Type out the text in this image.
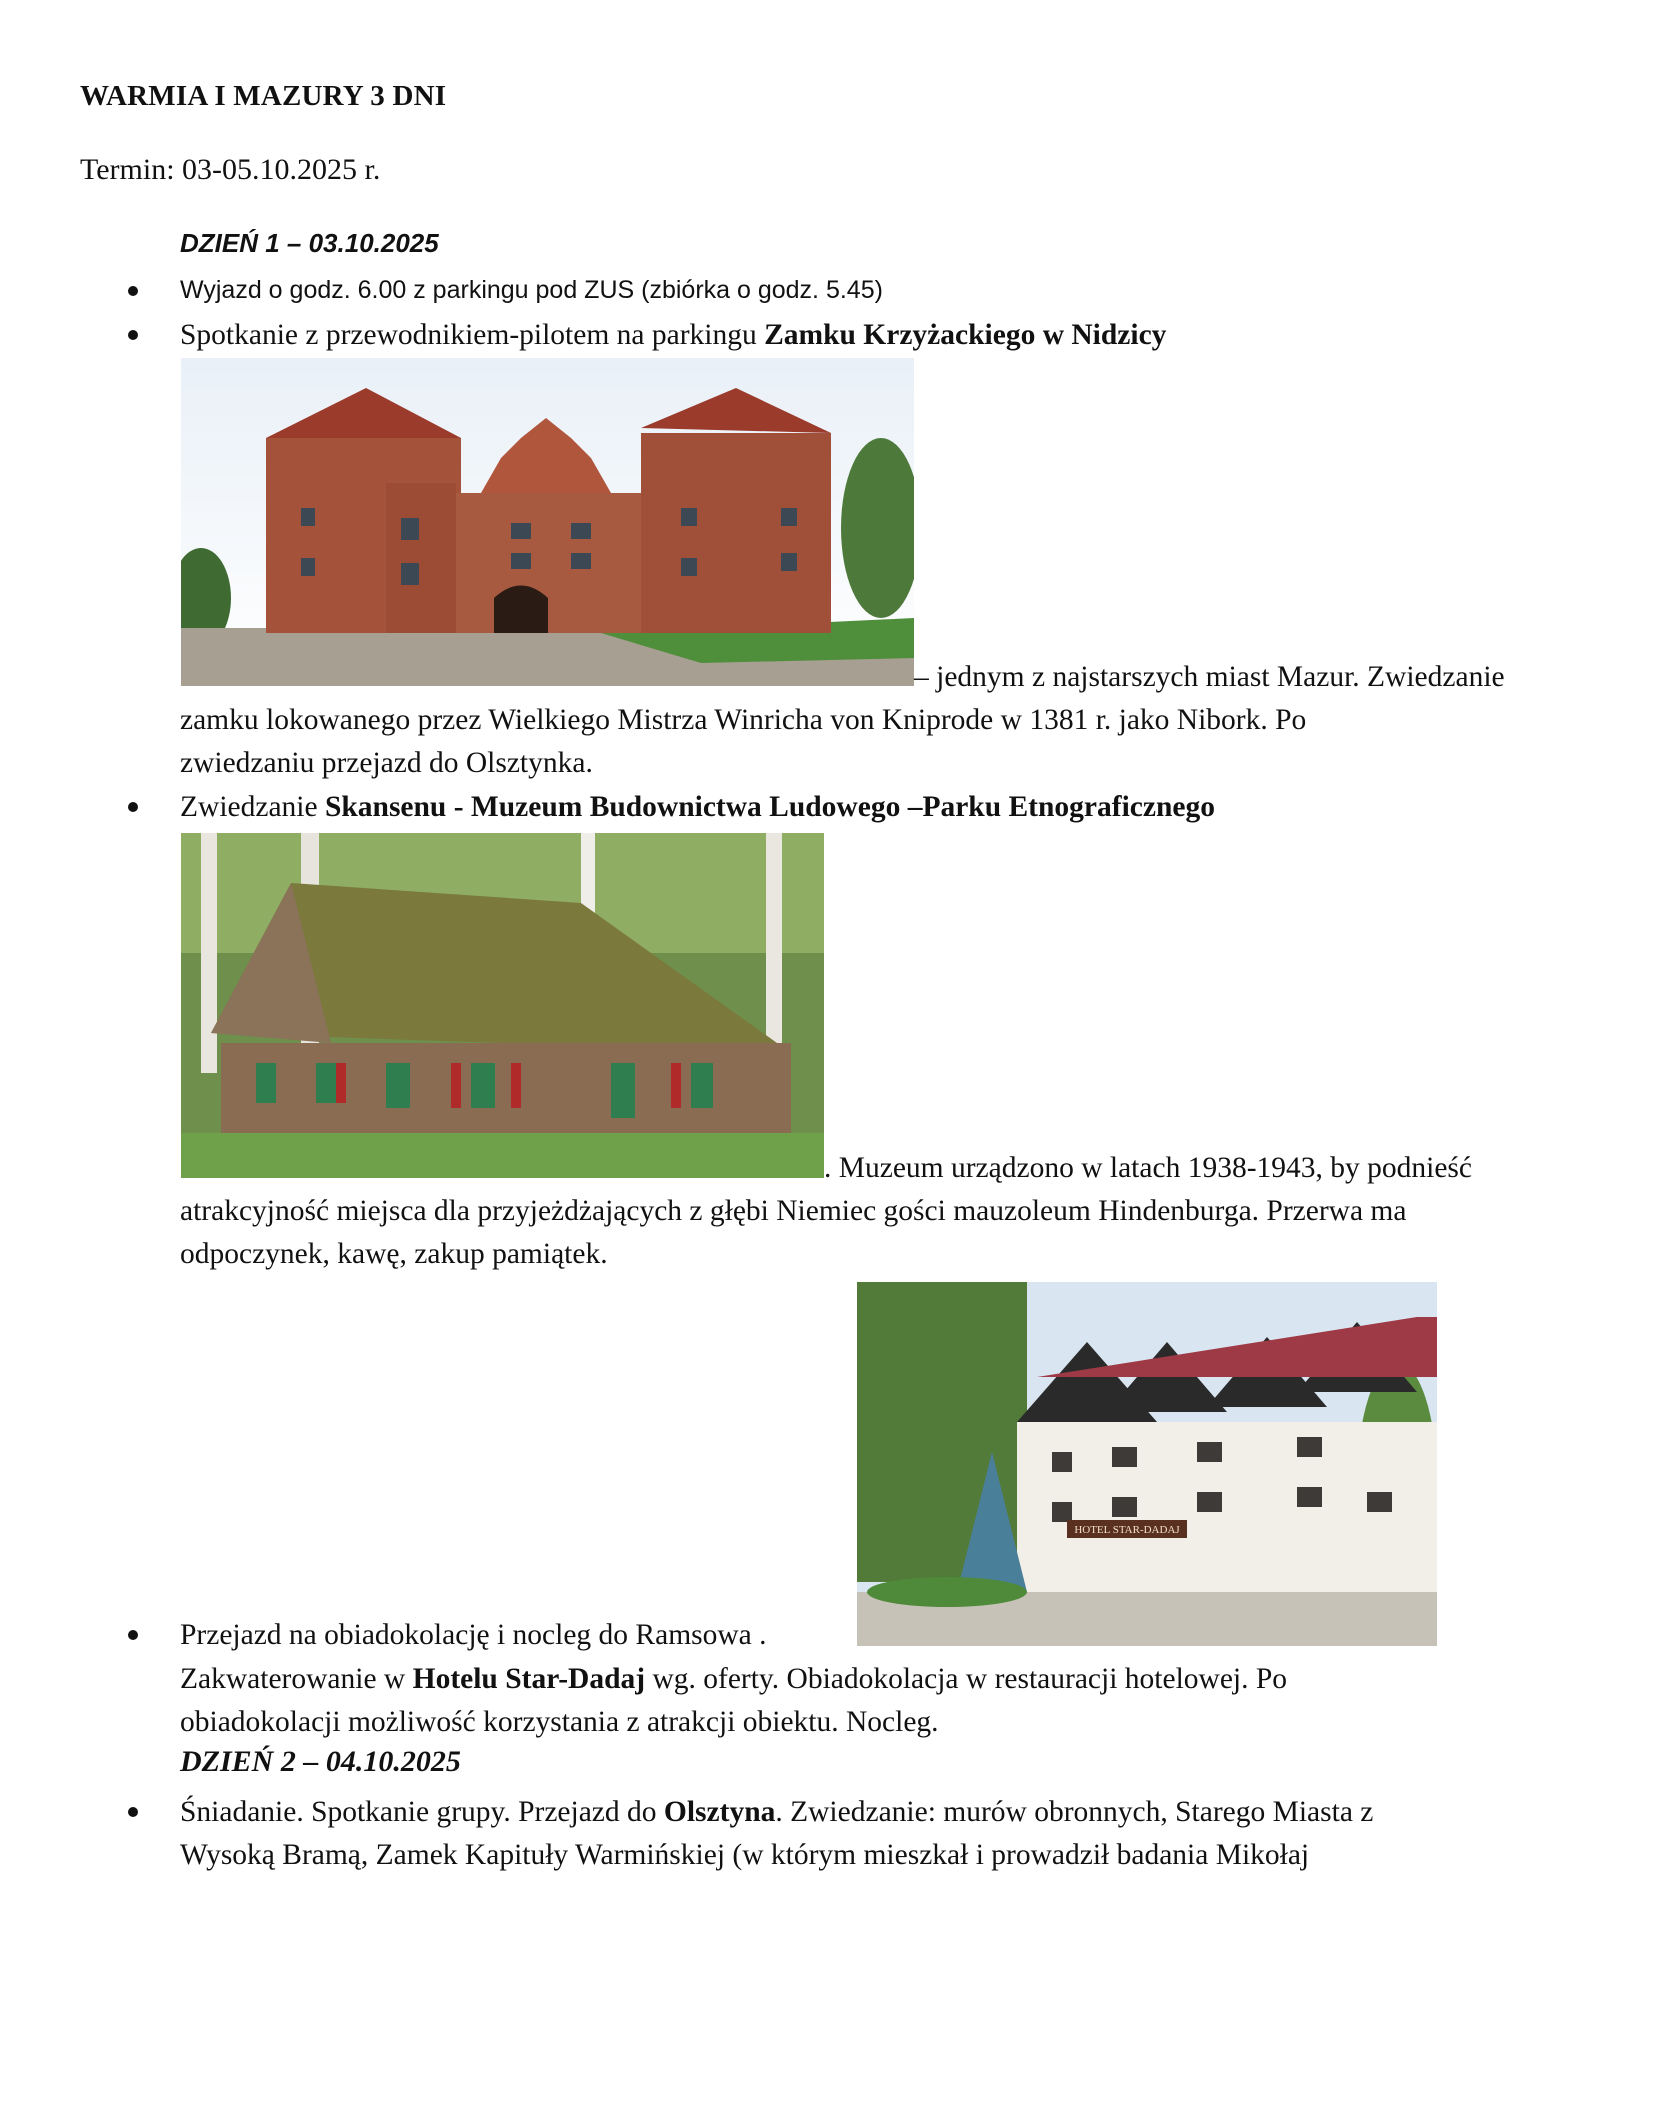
WARMIA I MAZURY 3 DNI
Termin: 03-05.10.2025 r.
DZIEŃ 1 – 03.10.2025
Wyjazd o godz. 6.00 z parkingu pod ZUS (zbiórka o godz. 5.45)
Spotkanie z przewodnikiem-pilotem na parkingu Zamku Krzyżackiego w Nidzicy
– jednym z najstarszych miast Mazur. Zwiedzanie
zamku lokowanego przez Wielkiego Mistrza Winricha von Kniprode w 1381 r. jako Nibork. Po
zwiedzaniu przejazd do Olsztynka.
Zwiedzanie Skansenu - Muzeum Budownictwa Ludowego –Parku Etnograficznego
. Muzeum urządzono w latach 1938-1943, by podnieść
atrakcyjność miejsca dla przyjeżdżających z głębi Niemiec gości mauzoleum Hindenburga. Przerwa ma
odpoczynek, kawę, zakup pamiątek.
HOTEL STAR-DADAJ
Przejazd na obiadokolację i nocleg do Ramsowa .
Zakwaterowanie w Hotelu Star-Dadaj wg. oferty. Obiadokolacja w restauracji hotelowej. Po
obiadokolacji możliwość korzystania z atrakcji obiektu. Nocleg.
DZIEŃ 2 – 04.10.2025
Śniadanie. Spotkanie grupy. Przejazd do Olsztyna. Zwiedzanie: murów obronnych, Starego Miasta z
Wysoką Bramą, Zamek Kapituły Warmińskiej (w którym mieszkał i prowadził badania Mikołaj
